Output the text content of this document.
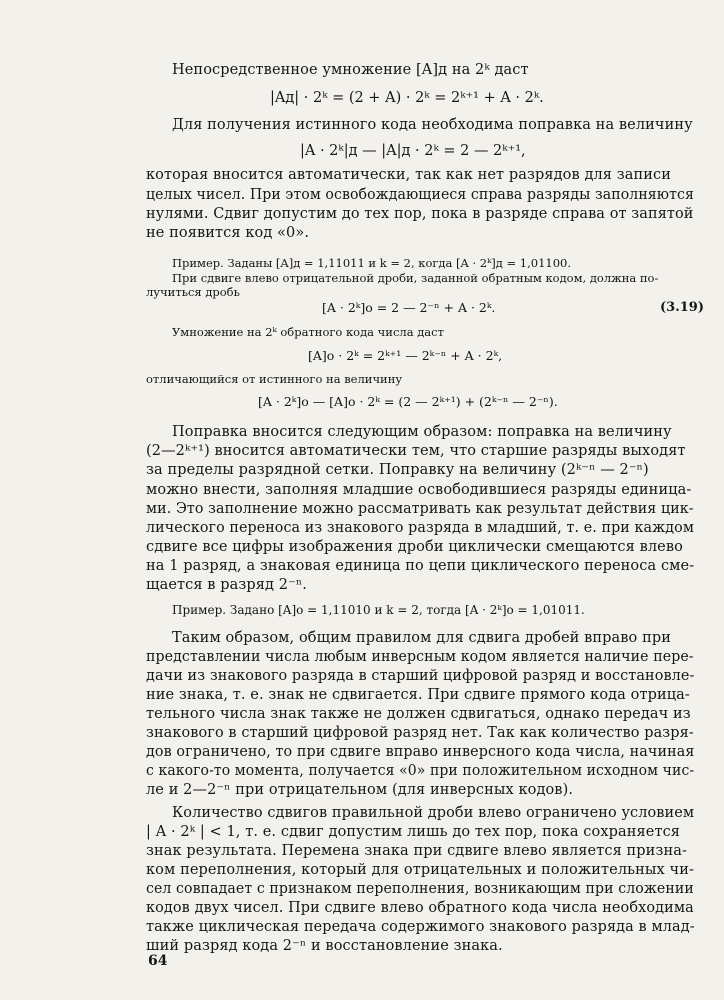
Непосредственное умножение [A]д на 2ᵏ даст
|Aд| · 2ᵏ = (2 + A) · 2ᵏ = 2ᵏ⁺¹ + A · 2ᵏ.
Для получения истинного кода необходима поправка на величину
|A · 2ᵏ|д — |A|д · 2ᵏ = 2 — 2ᵏ⁺¹,
которая вносится автоматически, так как нет разрядов для записи
целых чисел. При этом освобождающиеся справа разряды заполняются
нулями. Сдвиг допустим до тех пор, пока в разряде справа от запятой
не появится код «0».
Пример. Заданы [A]д = 1,11011 и k = 2, когда [A · 2ᵏ]д = 1,01100.
При сдвиге влево отрицательной дроби, заданной обратным кодом, должна по-
лучиться дробь
[A · 2ᵏ]о = 2 — 2⁻ⁿ + A · 2ᵏ.	(3.19)
Умножение на 2ᵏ обратного кода числа даст
[A]о · 2ᵏ = 2ᵏ⁺¹ — 2ᵏ⁻ⁿ + A · 2ᵏ,
отличающийся от истинного на величину
[A · 2ᵏ]о — [A]о · 2ᵏ = (2 — 2ᵏ⁺¹) + (2ᵏ⁻ⁿ — 2⁻ⁿ).
Поправка вносится следующим образом: поправка на величину
(2—2ᵏ⁺¹) вносится автоматически тем, что старшие разряды выходят
за пределы разрядной сетки. Поправку на величину (2ᵏ⁻ⁿ — 2⁻ⁿ)
можно внести, заполняя младшие освободившиеся разряды единица-
ми. Это заполнение можно рассматривать как результат действия цик-
лического переноса из знакового разряда в младший, т. е. при каждом
сдвиге все цифры изображения дроби циклически смещаются влево
на 1 разряд, а знаковая единица по цепи циклического переноса сме-
щается в разряд 2⁻ⁿ.
Пример. Задано [A]о = 1,11010 и k = 2, тогда [A · 2ᵏ]о = 1,01011.
Таким образом, общим правилом для сдвига дробей вправо при
представлении числа любым инверсным кодом является наличие пере-
дачи из знакового разряда в старший цифровой разряд и восстановле-
ние знака, т. е. знак не сдвигается. При сдвиге прямого кода отрица-
тельного числа знак также не должен сдвигаться, однако передач из
знакового в старший цифровой разряд нет. Так как количество разря-
дов ограничено, то при сдвиге вправо инверсного кода числа, начиная
с какого-то момента, получается «0» при положительном исходном чис-
ле и 2—2⁻ⁿ при отрицательном (для инверсных кодов).
Количество сдвигов правильной дроби влево ограничено условием
| A · 2ᵏ | < 1, т. е. сдвиг допустим лишь до тех пор, пока сохраняется
знак результата. Перемена знака при сдвиге влево является призна-
ком переполнения, который для отрицательных и положительных чи-
сел совпадает с признаком переполнения, возникающим при сложении
кодов двух чисел. При сдвиге влево обратного кода числа необходима
также циклическая передача содержимого знакового разряда в млад-
ший разряд кода 2⁻ⁿ и восстановление знака.
64
